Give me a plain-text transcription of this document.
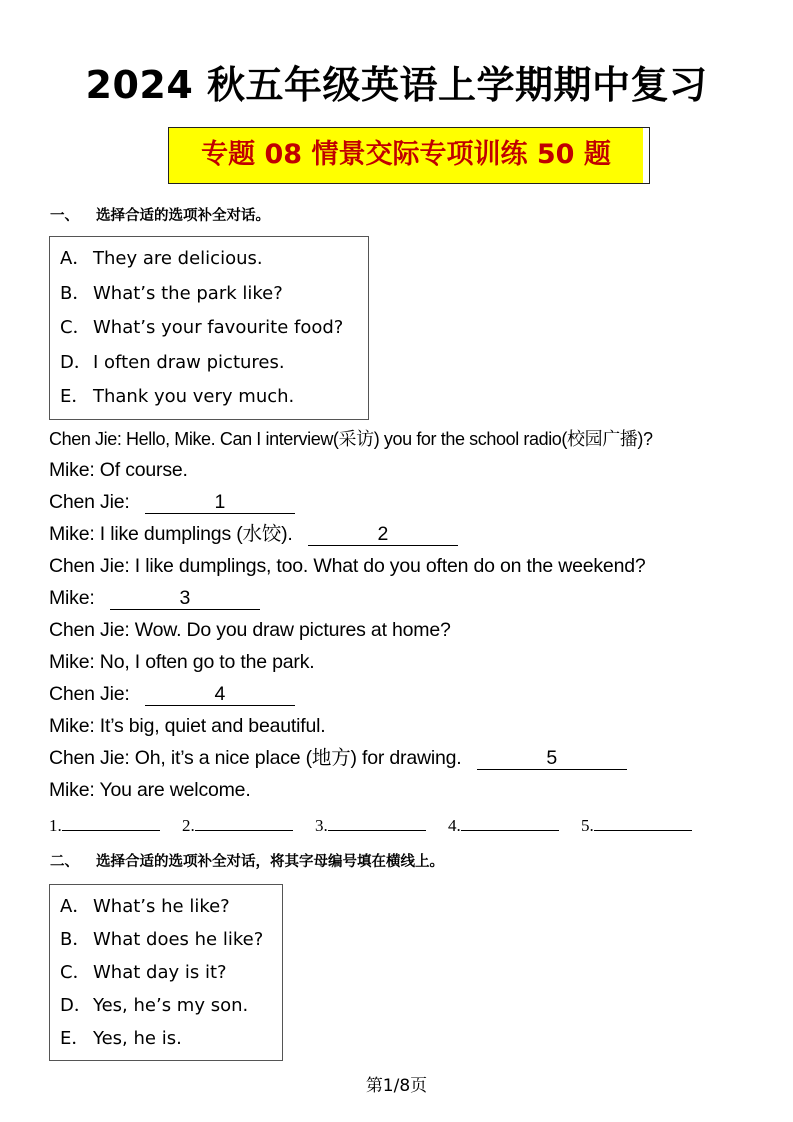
2024 秋五年级英语上学期期中复习
专题 08 情景交际专项训练 50 题
一、 选择合适的选项补全对话。
A． They are delicious.
B． What’s the park like?
C． What’s your favourite food?
D．I often draw pictures.
E． Thank you very much.
Chen Jie: Hello, Mike. Can I interview(采访) you for the school radio(校园广播)?
Mike: Of course.
Chen Jie:	1
Mike: I like dumplings (水饺).	2
Chen Jie: I like dumplings, too. What do you often do on the weekend?
Mike:	3
Chen Jie: Wow. Do you draw pictures at home?
Mike: No, I often go to the park.
Chen Jie:	4
Mike: It’s big, quiet and beautiful.
Chen Jie: Oh, it’s a nice place (地方) for drawing.	5
Mike: You are welcome.
1.	2.	3.	4.	5.
二、 选择合适的选项补全对话，将其字母编号填在横线上。
A． What’s he like?
B． What does he like?
C． What day is it?
D．Yes, he’s my son.
E． Yes, he is.
第1/8页
